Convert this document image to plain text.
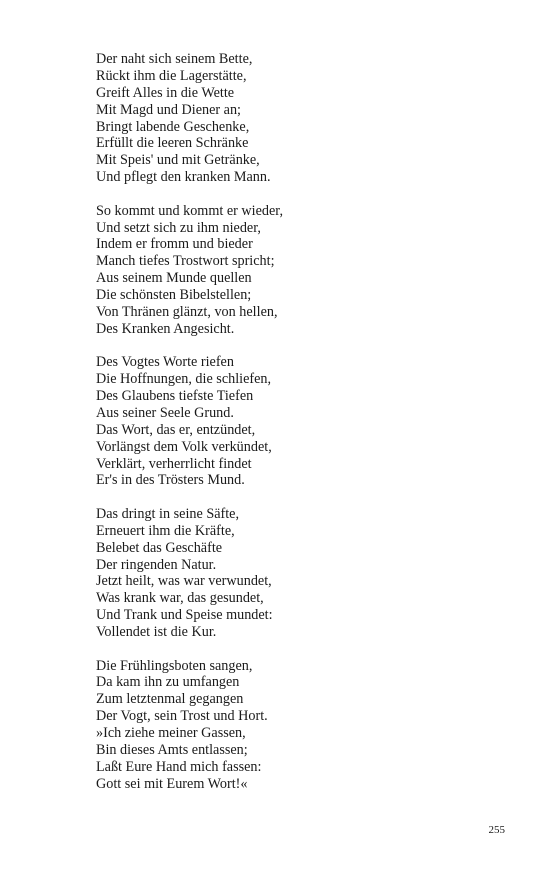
Der naht sich seinem Bette,
Rückt ihm die Lagerstätte,
Greift Alles in die Wette
Mit Magd und Diener an;
Bringt labende Geschenke,
Erfüllt die leeren Schränke
Mit Speis' und mit Getränke,
Und pflegt den kranken Mann.
So kommt und kommt er wieder,
Und setzt sich zu ihm nieder,
Indem er fromm und bieder
Manch tiefes Trostwort spricht;
Aus seinem Munde quellen
Die schönsten Bibelstellen;
Von Thränen glänzt, von hellen,
Des Kranken Angesicht.
Des Vogtes Worte riefen
Die Hoffnungen, die schliefen,
Des Glaubens tiefste Tiefen
Aus seiner Seele Grund.
Das Wort, das er, entzündet,
Vorlängst dem Volk verkündet,
Verklärt, verherrlicht findet
Er's in des Trösters Mund.
Das dringt in seine Säfte,
Erneuert ihm die Kräfte,
Belebet das Geschäfte
Der ringenden Natur.
Jetzt heilt, was war verwundet,
Was krank war, das gesundet,
Und Trank und Speise mundet:
Vollendet ist die Kur.
Die Frühlingsboten sangen,
Da kam ihn zu umfangen
Zum letztenmal gegangen
Der Vogt, sein Trost und Hort.
»Ich ziehe meiner Gassen,
Bin dieses Amts entlassen;
Laßt Eure Hand mich fassen:
Gott sei mit Eurem Wort!«
255
